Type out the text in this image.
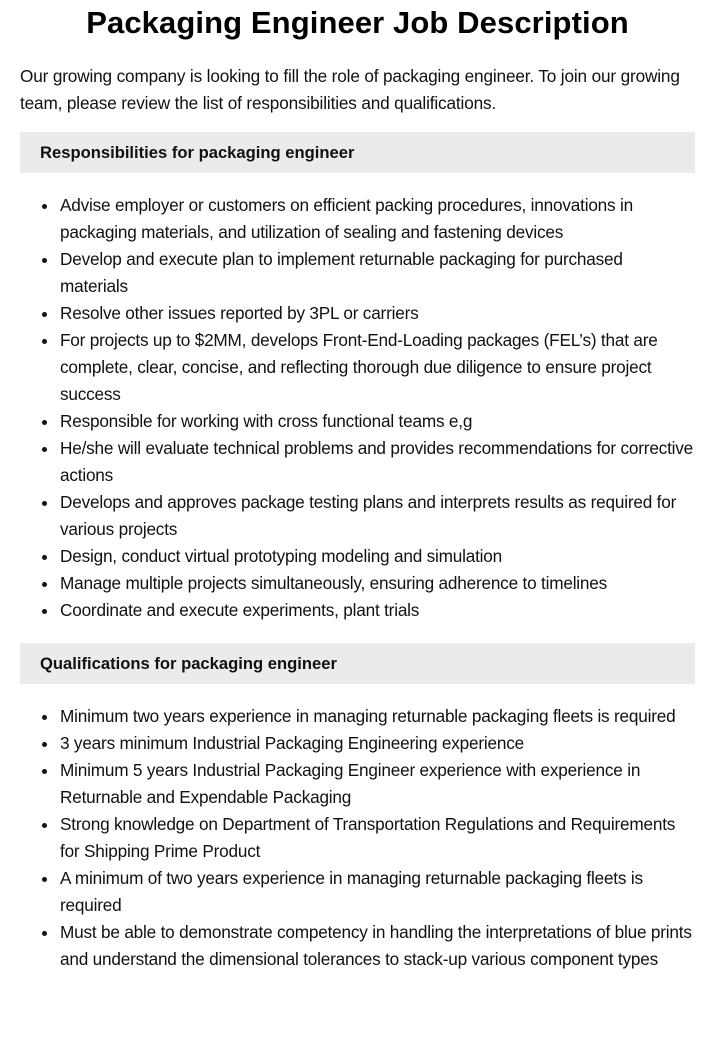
Packaging Engineer Job Description

Our growing company is looking to fill the role of packaging engineer. To join our growing team, please review the list of responsibilities and qualifications.

Responsibilities for packaging engineer
Advise employer or customers on efficient packing procedures, innovations in packaging materials, and utilization of sealing and fastening devices
Develop and execute plan to implement returnable packaging for purchased materials
Resolve other issues reported by 3PL or carriers
For projects up to $2MM, develops Front-End-Loading packages (FEL’s) that are complete, clear, concise, and reflecting thorough due diligence to ensure project success
Responsible for working with cross functional teams e,g
He/she will evaluate technical problems and provides recommendations for corrective actions
Develops and approves package testing plans and interprets results as required for various projects
Design, conduct virtual prototyping modeling and simulation
Manage multiple projects simultaneously, ensuring adherence to timelines
Coordinate and execute experiments, plant trials
Qualifications for packaging engineer
Minimum two years experience in managing returnable packaging fleets is required
3 years minimum Industrial Packaging Engineering experience
Minimum 5 years Industrial Packaging Engineer experience with experience in Returnable and Expendable Packaging
Strong knowledge on Department of Transportation Regulations and Requirements for Shipping Prime Product
A minimum of two years experience in managing returnable packaging fleets is required
Must be able to demonstrate competency in handling the interpretations of blue prints and understand the dimensional tolerances to stack-up various component types
